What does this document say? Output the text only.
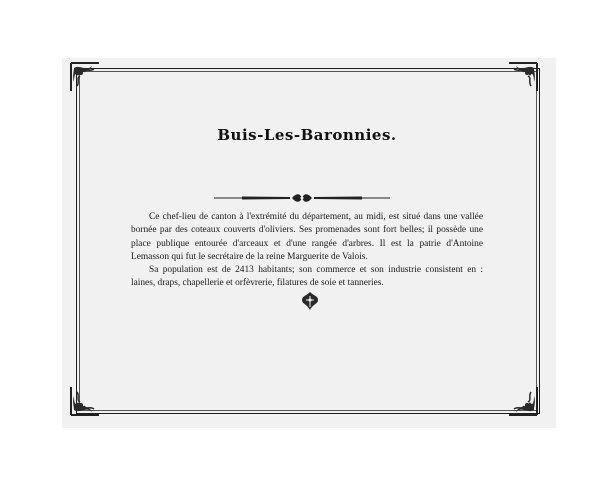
Buis-Les-Baronnies.

Ce chef-lieu de canton à l'extrémité du département, au midi, est situé dans une vallée bornée par des coteaux couverts d'oliviers. Ses promenades sont fort belles; il possède une place publique entourée d'arceaux et d'une rangée d'arbres. Il est la patrie d'Antoine Lemasson qui fut le secrétaire de la reine Marguerite de Valois.

Sa population est de 2413 habitants; son commerce et son industrie consistent en : laines, draps, chapellerie et orfèvrerie, filatures de soie et tanneries.
